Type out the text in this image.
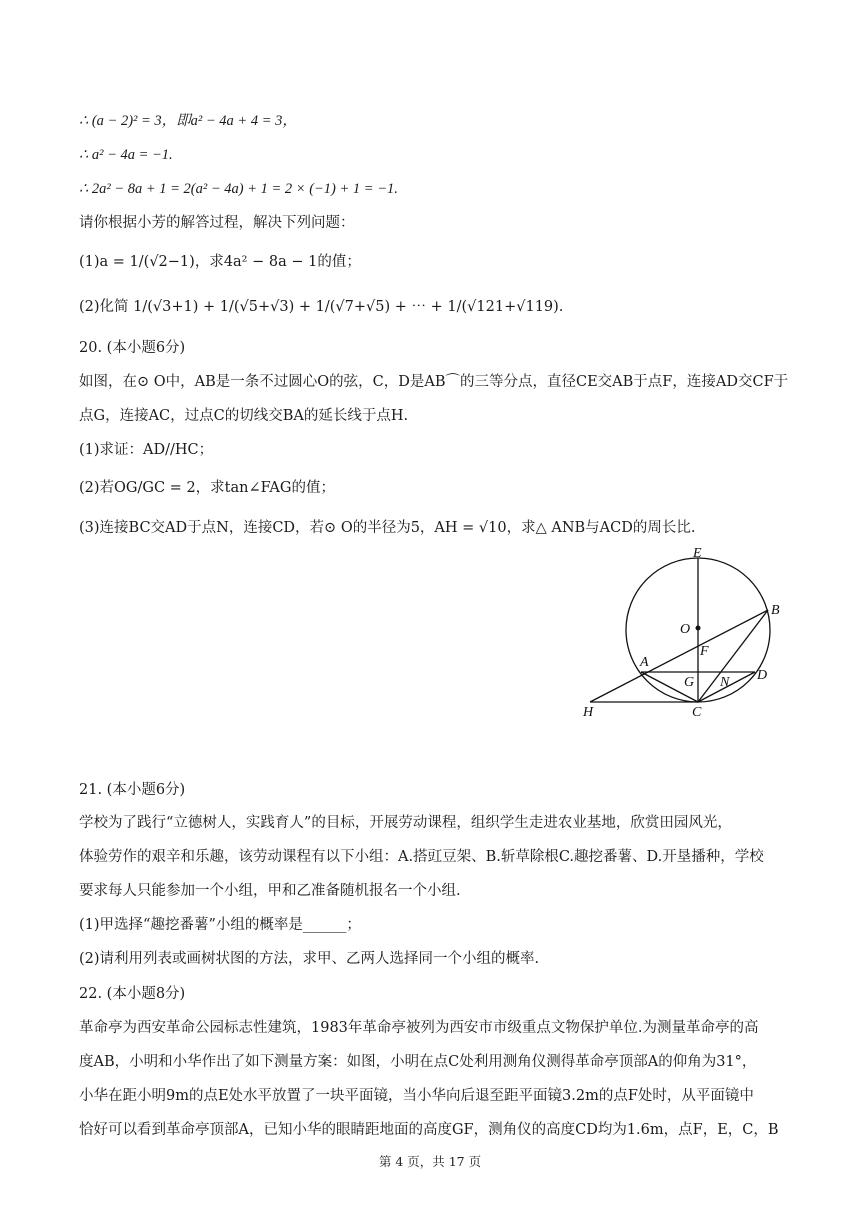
∴ (a − 2)² = 3，即a² − 4a + 4 = 3，
∴ a² − 4a = −1.
∴ 2a² − 8a + 1 = 2(a² − 4a) + 1 = 2 × (−1) + 1 = −1.
请你根据小芳的解答过程，解决下列问题：
(1)a = 1/(√2−1)，求4a² − 8a − 1的值；
(2)化简 1/(√3+1) + 1/(√5+√3) + 1/(√7+√5) + ⋯ + 1/(√121+√119).
20. (本小题6分)
如图，在⊙ O中，AB是一条不过圆心O的弦，C，D是AB⌒的三等分点，直径CE交AB于点F，连接AD交CF于
点G，连接AC，过点C的切线交BA的延长线于点H.
(1)求证：AD//HC；
(2)若OG/GC = 2，求tan∠FAG的值；
(3)连接BC交AD于点N，连接CD，若⊙ O的半径为5，AH = √10，求△ ANB与ACD的周长比.
E
O
B
F
A
G N D
H	C
21. (本小题6分)
学校为了践行“立德树人，实践育人”的目标，开展劳动课程，组织学生走进农业基地，欣赏田园风光，
体验劳作的艰辛和乐趣，该劳动课程有以下小组：A.搭豇豆架、B.斩草除根C.趣挖番薯、D.开垦播种，学校
要求每人只能参加一个小组，甲和乙准备随机报名一个小组.
(1)甲选择“趣挖番薯”小组的概率是______；
(2)请利用列表或画树状图的方法，求甲、乙两人选择同一个小组的概率.
22. (本小题8分)
革命亭为西安革命公园标志性建筑，1983年革命亭被列为西安市市级重点文物保护单位.为测量革命亭的高
度AB，小明和小华作出了如下测量方案：如图，小明在点C处利用测角仪测得革命亭顶部A的仰角为31°，
小华在距小明9m的点E处水平放置了一块平面镜，当小华向后退至距平面镜3.2m的点F处时，从平面镜中
恰好可以看到革命亭顶部A，已知小华的眼睛距地面的高度GF，测角仪的高度CD均为1.6m，点F，E，C，B
第 4 页，共 17 页
